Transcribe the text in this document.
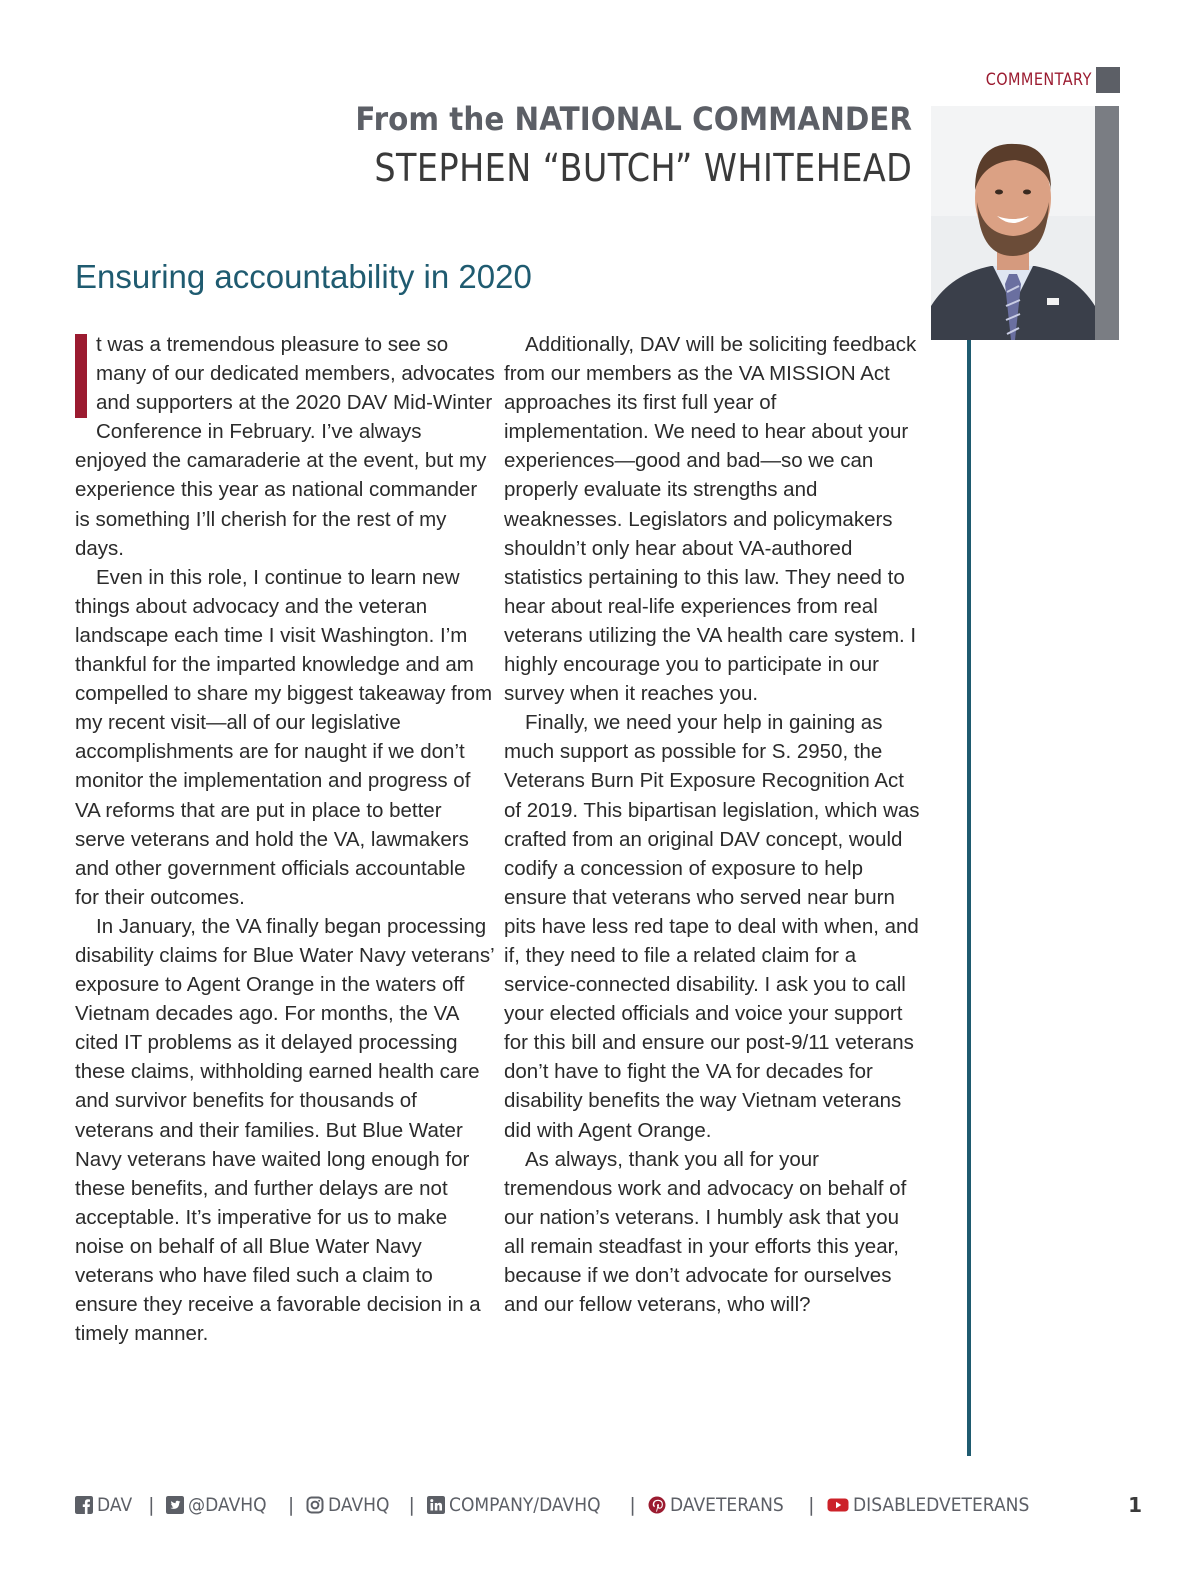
COMMENTARY
From the NATIONAL COMMANDER
STEPHEN “BUTCH” WHITEHEAD
Ensuring accountability in 2020

t was a tremendous pleasure to see so many of our dedicated members, advocates and supporters at the 2020 DAV Mid-Winter Conference in February. I’ve always enjoyed the camaraderie at the event, but my experience this year as national commander is something I’ll cherish for the rest of my days.

Even in this role, I continue to learn new things about advocacy and the veteran landscape each time I visit Washington. I’m thankful for the imparted knowledge and am compelled to share my biggest takeaway from my recent visit—all of our legislative accomplishments are for naught if we don’t monitor the implementation and progress of VA reforms that are put in place to better serve veterans and hold the VA, lawmakers and other government officials accountable for their outcomes.

In January, the VA finally began processing disability claims for Blue Water Navy veterans’ exposure to Agent Orange in the waters off Vietnam decades ago. For months, the VA cited IT problems as it delayed processing these claims, withholding earned health care and survivor benefits for thousands of veterans and their families. But Blue Water Navy veterans have waited long enough for these benefits, and further delays are not acceptable. It’s imperative for us to make noise on behalf of all Blue Water Navy veterans who have filed such a claim to ensure they receive a favorable decision in a timely manner.

Additionally, DAV will be soliciting feedback from our members as the VA MISSION Act approaches its first full year of implementation. We need to hear about your experiences—good and bad—so we can properly evaluate its strengths and weaknesses. Legislators and policymakers shouldn’t only hear about VA-authored statistics pertaining to this law. They need to hear about real-life experiences from real veterans utilizing the VA health care system. I highly encourage you to participate in our survey when it reaches you.

Finally, we need your help in gaining as much support as possible for S. 2950, the Veterans Burn Pit Exposure Recognition Act of 2019. This bipartisan legislation, which was crafted from an original DAV concept, would codify a concession of exposure to help ensure that veterans who served near burn pits have less red tape to deal with when, and if, they need to file a related claim for a service-connected disability. I ask you to call your elected officials and voice your support for this bill and ensure our post-9/11 veterans don’t have to fight the VA for decades for disability benefits the way Vietnam veterans did with Agent Orange.

As always, thank you all for your tremendous work and advocacy on behalf of our nation’s veterans. I humbly ask that you all remain steadfast in your efforts this year, because if we don’t advocate for ourselves and our fellow veterans, who will?

DAV | @DAVHQ | DAVHQ | COMPANY/DAVHQ | DAVETERANS | DISABLEDVETERANS	1
